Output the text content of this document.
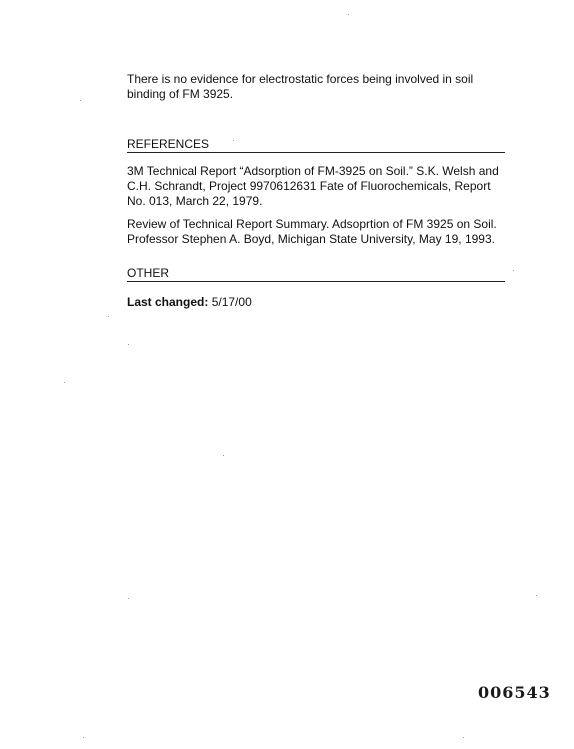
There is no evidence for electrostatic forces being involved in soil binding of FM 3925.

REFERENCES

3M Technical Report “Adsorption of FM-3925 on Soil.” S.K. Welsh and C.H. Schrandt, Project 9970612631 Fate of Fluorochemicals, Report No. 013, March 22, 1979.

Review of Technical Report Summary. Adsoprtion of FM 3925 on Soil. Professor Stephen A. Boyd, Michigan State University, May 19, 1993.

OTHER

Last changed: 5/17/00

006543
